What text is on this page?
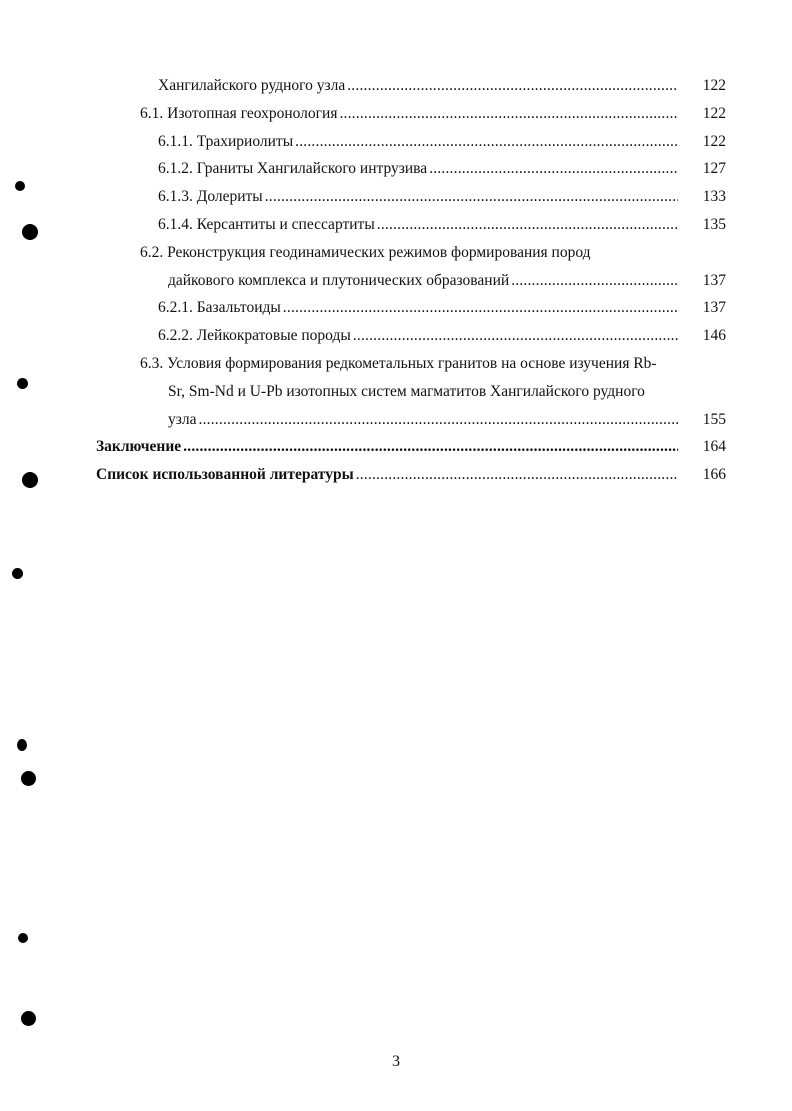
Хангилайского рудного узла .....	122
6.1. Изотопная геохронология .....	122
6.1.1. Трахириолиты .....	122
6.1.2. Граниты Хангилайского интрузива .....	127
6.1.3. Долериты .....	133
6.1.4. Керсантиты и спессартиты .....	135
6.2. Реконструкция геодинамических режимов формирования пород
дайкового комплекса и плутонических образований .....	137
6.2.1. Базальтоиды .....	137
6.2.2. Лейкократовые породы .....	146
6.3. Условия формирования редкометальных гранитов на основе изучения Rb-
Sr, Sm-Nd и U-Pb изотопных систем магматитов Хангилайского рудного
узла .....	155
Заключение .....	164
Список использованной литературы .....	166
3
